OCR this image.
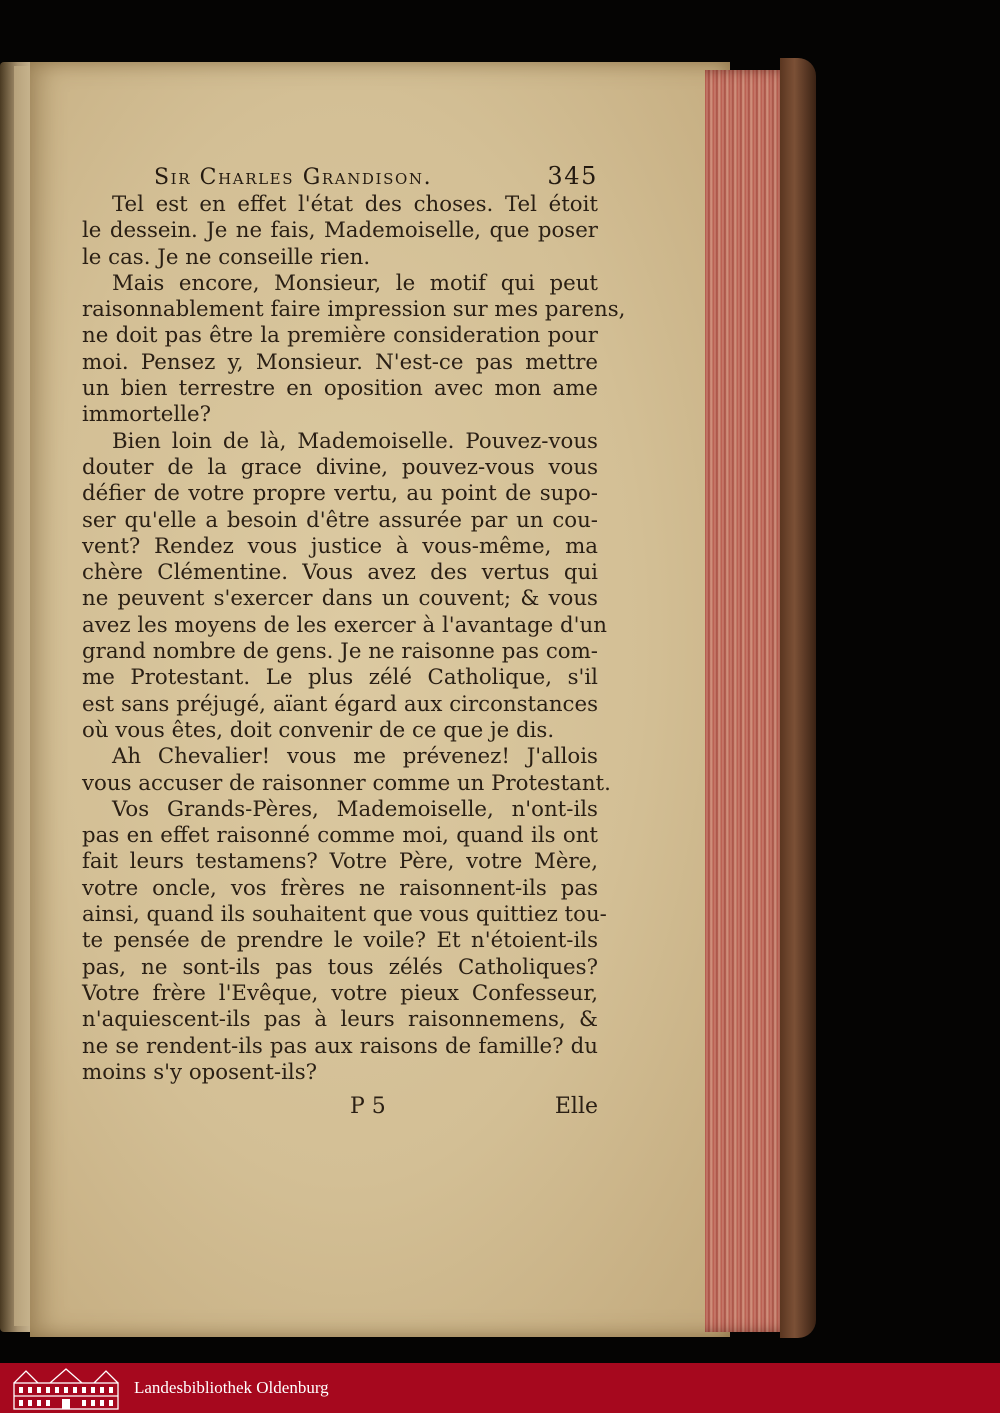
Sir Charles Grandison.	345
Tel est en effet l'état des choses. Tel étoit
le dessein. Je ne fais, Mademoiselle, que poser
le cas. Je ne conseille rien.
Mais encore, Monsieur, le motif qui peut
raisonnablement faire impression sur mes parens,
ne doit pas être la première consideration pour
moi. Pensez y, Monsieur. N'est-ce pas mettre
un bien terrestre en oposition avec mon ame
immortelle?
Bien loin de là, Mademoiselle. Pouvez-vous
douter de la grace divine, pouvez-vous vous
défier de votre propre vertu, au point de supo-
ser qu'elle a besoin d'être assurée par un cou-
vent? Rendez vous justice à vous-même, ma
chère Clémentine. Vous avez des vertus qui
ne peuvent s'exercer dans un couvent; & vous
avez les moyens de les exercer à l'avantage d'un
grand nombre de gens. Je ne raisonne pas com-
me Protestant. Le plus zélé Catholique, s'il
est sans préjugé, aïant égard aux circonstances
où vous êtes, doit convenir de ce que je dis.
Ah Chevalier! vous me prévenez! J'allois
vous accuser de raisonner comme un Protestant.
Vos Grands-Pères, Mademoiselle, n'ont-ils
pas en effet raisonné comme moi, quand ils ont
fait leurs testamens? Votre Père, votre Mère,
votre oncle, vos frères ne raisonnent-ils pas
ainsi, quand ils souhaitent que vous quittiez tou-
te pensée de prendre le voile? Et n'étoient-ils
pas, ne sont-ils pas tous zélés Catholiques?
Votre frère l'Evêque, votre pieux Confesseur,
n'aquiescent-ils pas à leurs raisonnemens, &
ne se rendent-ils pas aux raisons de famille? du
moins s'y oposent-ils?
P 5	Elle
Landesbibliothek Oldenburg
